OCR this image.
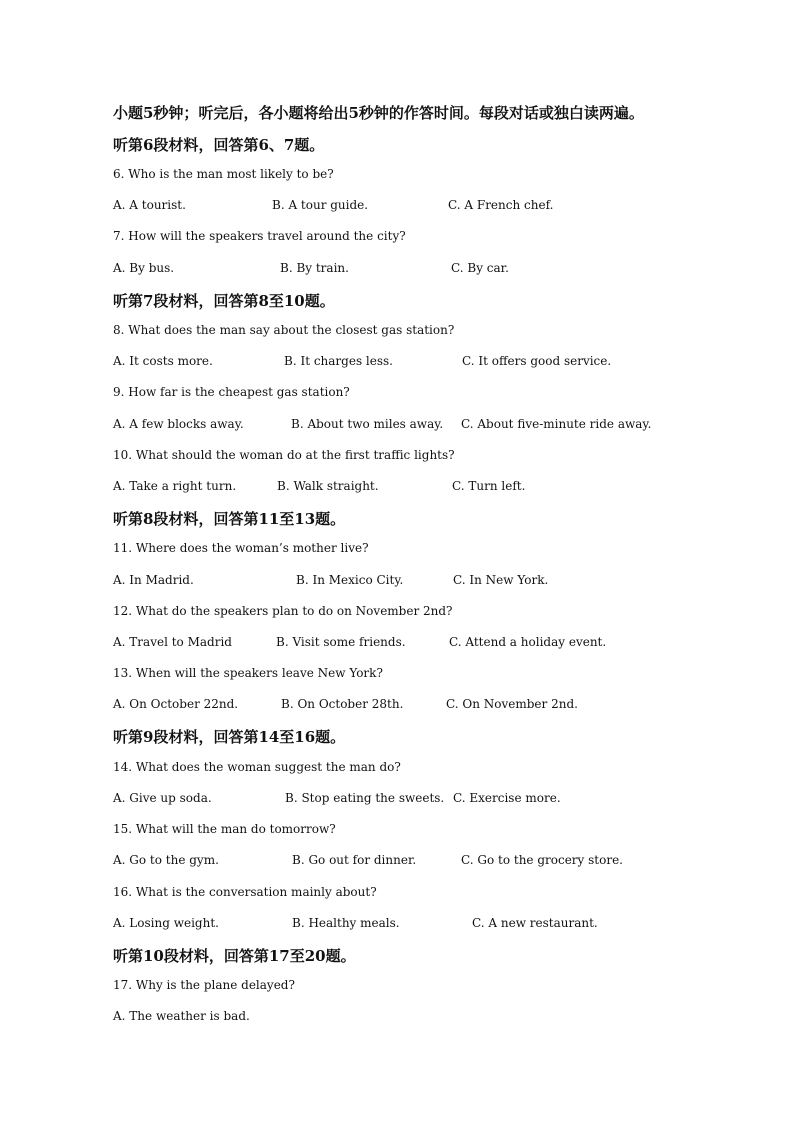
小题5秒钟；听完后，各小题将给出5秒钟的作答时间。每段对话或独白读两遍。
听第6段材料，回答第6、7题。
6. Who is the man most likely to be?
A. A tourist.	B. A tour guide.	C. A French chef.
7. How will the speakers travel around the city?
A. By bus.	B. By train.	C. By car.
听第7段材料，回答第8至10题。
8. What does the man say about the closest gas station?
A. It costs more.	B. It charges less.	C. It offers good service.
9. How far is the cheapest gas station?
A. A few blocks away.	B. About two miles away. C. About five-minute ride away.
10. What should the woman do at the first traffic lights?
A. Take a right turn.	B. Walk straight.	C. Turn left.
听第8段材料，回答第11至13题。
11. Where does the woman’s mother live?
A. In Madrid.	B. In Mexico City.	C. In New York.
12. What do the speakers plan to do on November 2nd?
A. Travel to Madrid	B. Visit some friends.	C. Attend a holiday event.
13. When will the speakers leave New York?
A. On October 22nd.	B. On October 28th.	C. On November 2nd.
听第9段材料，回答第14至16题。
14. What does the woman suggest the man do?
A. Give up soda.	B. Stop eating the sweets. C. Exercise more.
15. What will the man do tomorrow?
A. Go to the gym.	B. Go out for dinner.	C. Go to the grocery store.
16. What is the conversation mainly about?
A. Losing weight.	B. Healthy meals.	C. A new restaurant.
听第10段材料，回答第17至20题。
17. Why is the plane delayed?
A. The weather is bad.
